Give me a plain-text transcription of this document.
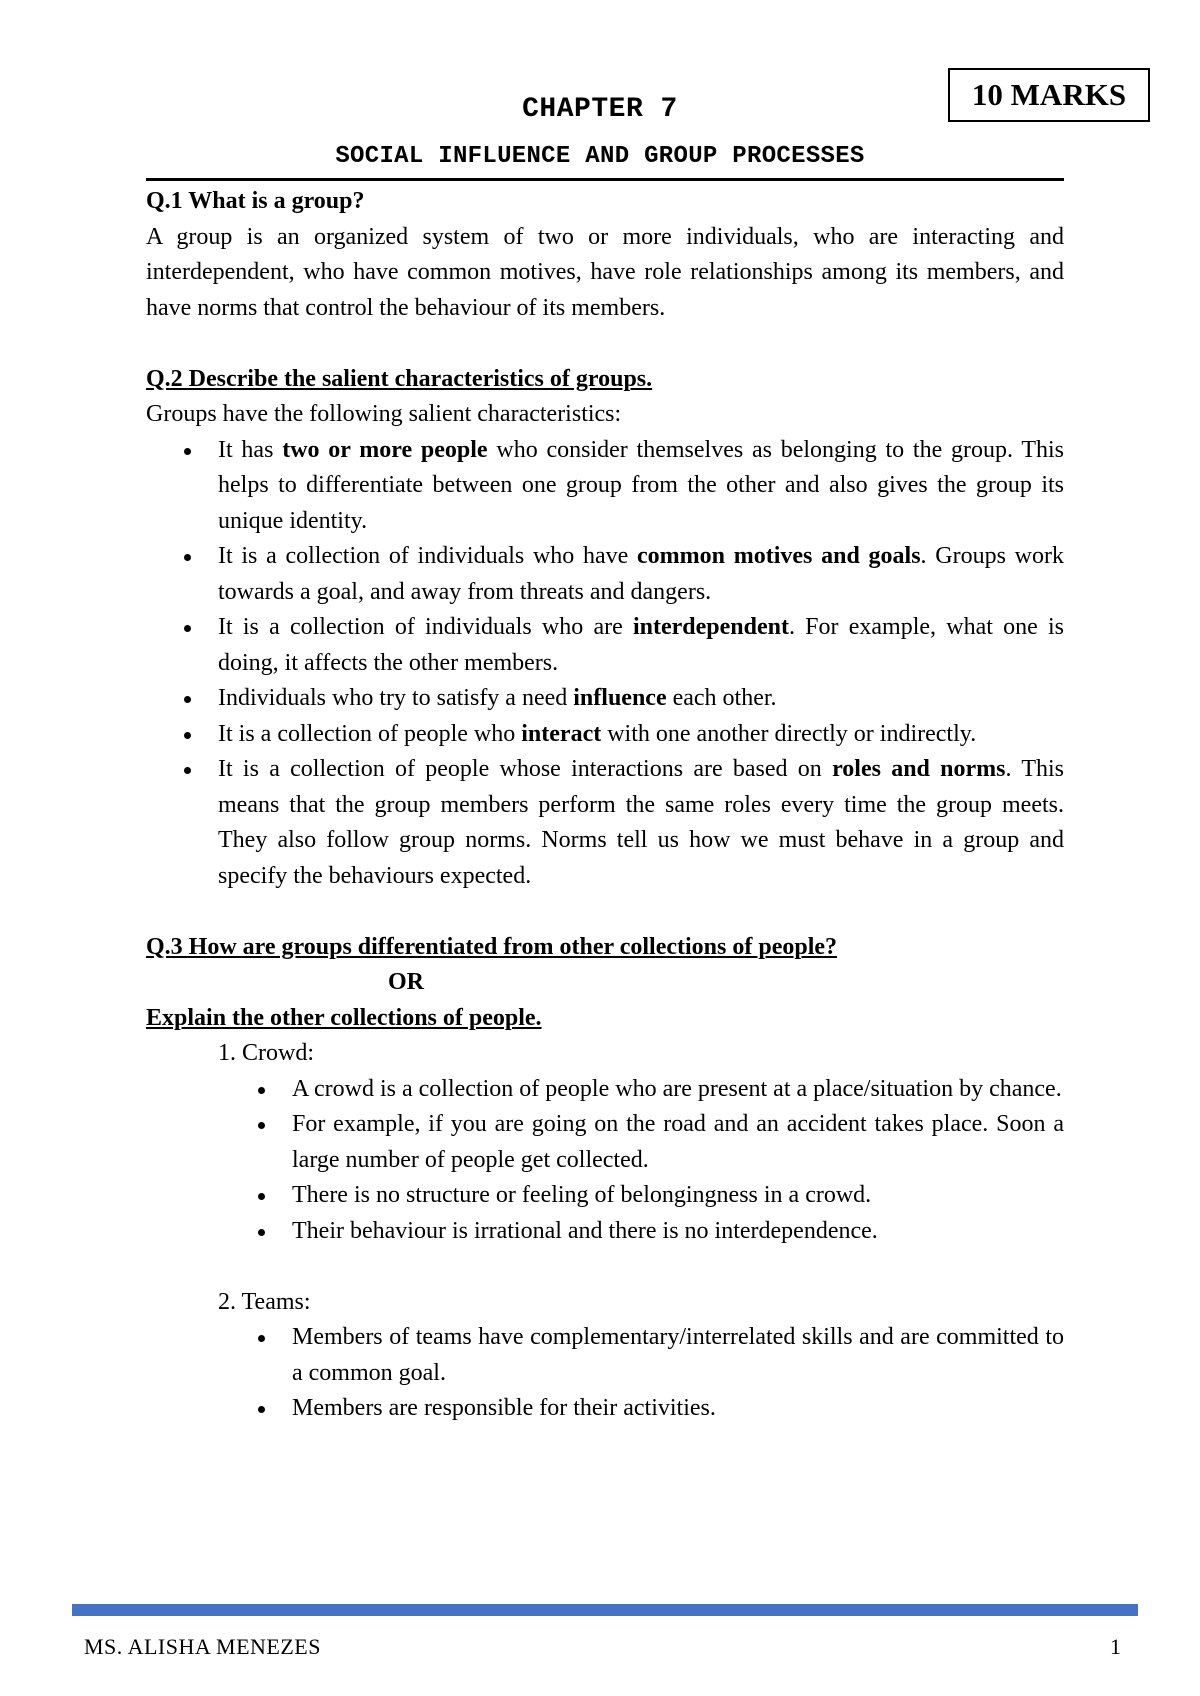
10 MARKS
CHAPTER 7
SOCIAL INFLUENCE AND GROUP PROCESSES

Q.1 What is a group?

A group is an organized system of two or more individuals, who are interacting and interdependent, who have common motives, have role relationships among its members, and have norms that control the behaviour of its members.

Q.2 Describe the salient characteristics of groups.

Groups have the following salient characteristics:

It has two or more people who consider themselves as belonging to the group. This helps to differentiate between one group from the other and also gives the group its unique identity.
It is a collection of individuals who have common motives and goals. Groups work towards a goal, and away from threats and dangers.
It is a collection of individuals who are interdependent. For example, what one is doing, it affects the other members.
Individuals who try to satisfy a need influence each other.
It is a collection of people who interact with one another directly or indirectly.
It is a collection of people whose interactions are based on roles and norms. This means that the group members perform the same roles every time the group meets. They also follow group norms. Norms tell us how we must behave in a group and specify the behaviours expected.

Q.3 How are groups differentiated from other collections of people?

OR

Explain the other collections of people.

1. Crowd:

A crowd is a collection of people who are present at a place/situation by chance.
For example, if you are going on the road and an accident takes place. Soon a large number of people get collected.
There is no structure or feeling of belongingness in a crowd.
Their behaviour is irrational and there is no interdependence.

2. Teams:

Members of teams have complementary/interrelated skills and are committed to a common goal.
Members are responsible for their activities.
MS. ALISHA MENEZES	1
